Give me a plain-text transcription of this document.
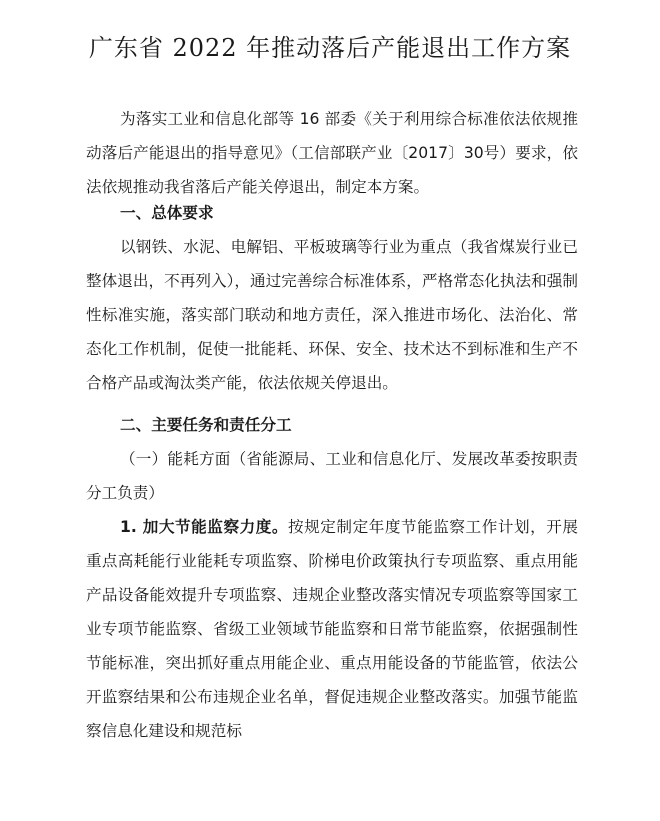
广东省 2022 年推动落后产能退出工作方案

为落实工业和信息化部等 16 部委《关于利用综合标准依法依规推动落后产能退出的指导意见》（工信部联产业〔2017〕30号）要求，依法依规推动我省落后产能关停退出，制定本方案。

一、总体要求

以钢铁、水泥、电解铝、平板玻璃等行业为重点（我省煤炭行业已整体退出，不再列入），通过完善综合标准体系，严格常态化执法和强制性标准实施，落实部门联动和地方责任，深入推进市场化、法治化、常态化工作机制，促使一批能耗、环保、安全、技术达不到标准和生产不合格产品或淘汰类产能，依法依规关停退出。

二、主要任务和责任分工

（一）能耗方面（省能源局、工业和信息化厅、发展改革委按职责分工负责）

1. 加大节能监察力度。按规定制定年度节能监察工作计划，开展重点高耗能行业能耗专项监察、阶梯电价政策执行专项监察、重点用能产品设备能效提升专项监察、违规企业整改落实情况专项监察等国家工业专项节能监察、省级工业领域节能监察和日常节能监察，依据强制性节能标准，突出抓好重点用能企业、重点用能设备的节能监管，依法公开监察结果和公布违规企业名单，督促违规企业整改落实。加强节能监察信息化建设和规范标
